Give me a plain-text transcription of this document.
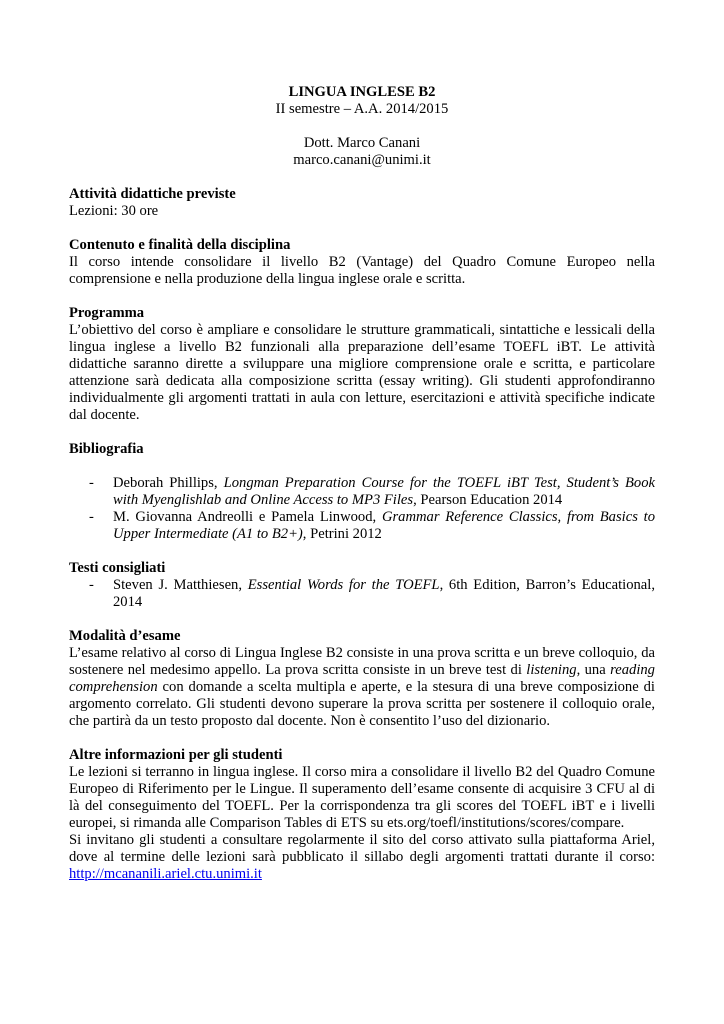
LINGUA INGLESE B2
II semestre – A.A. 2014/2015
Dott. Marco Canani
marco.canani@unimi.it
Attività didattiche previste

Lezioni: 30 ore

Contenuto e finalità della disciplina

Il corso intende consolidare il livello B2 (Vantage) del Quadro Comune Europeo nella comprensione e nella produzione della lingua inglese orale e scritta.

Programma

L’obiettivo del corso è ampliare e consolidare le strutture grammaticali, sintattiche e lessicali della lingua inglese a livello B2 funzionali alla preparazione dell’esame TOEFL iBT. Le attività didattiche saranno dirette a sviluppare una migliore comprensione orale e scritta, e particolare attenzione sarà dedicata alla composizione scritta (essay writing). Gli studenti approfondiranno individualmente gli argomenti trattati in aula con letture, esercitazioni e attività specifiche indicate dal docente.

Bibliografia
- Deborah Phillips, Longman Preparation Course for the TOEFL iBT Test, Student’s Book with Myenglishlab and Online Access to MP3 Files, Pearson Education 2014
- M. Giovanna Andreolli e Pamela Linwood, Grammar Reference Classics, from Basics to Upper Intermediate (A1 to B2+), Petrini 2012
Testi consigliati
- Steven J. Matthiesen, Essential Words for the TOEFL, 6th Edition, Barron’s Educational, 2014
Modalità d’esame

L’esame relativo al corso di Lingua Inglese B2 consiste in una prova scritta e un breve colloquio, da sostenere nel medesimo appello. La prova scritta consiste in un breve test di listening, una reading comprehension con domande a scelta multipla e aperte, e la stesura di una breve composizione di argomento correlato. Gli studenti devono superare la prova scritta per sostenere il colloquio orale, che partirà da un testo proposto dal docente. Non è consentito l’uso del dizionario.

Altre informazioni per gli studenti

Le lezioni si terranno in lingua inglese. Il corso mira a consolidare il livello B2 del Quadro Comune Europeo di Riferimento per le Lingue. Il superamento dell’esame consente di acquisire 3 CFU al di là del conseguimento del TOEFL. Per la corrispondenza tra gli scores del TOEFL iBT e i livelli europei, si rimanda alle Comparison Tables di ETS su ets.org/toefl/institutions/scores/compare.

Si invitano gli studenti a consultare regolarmente il sito del corso attivato sulla piattaforma Ariel, dove al termine delle lezioni sarà pubblicato il sillabo degli argomenti trattati durante il corso: http://mcananili.ariel.ctu.unimi.it
